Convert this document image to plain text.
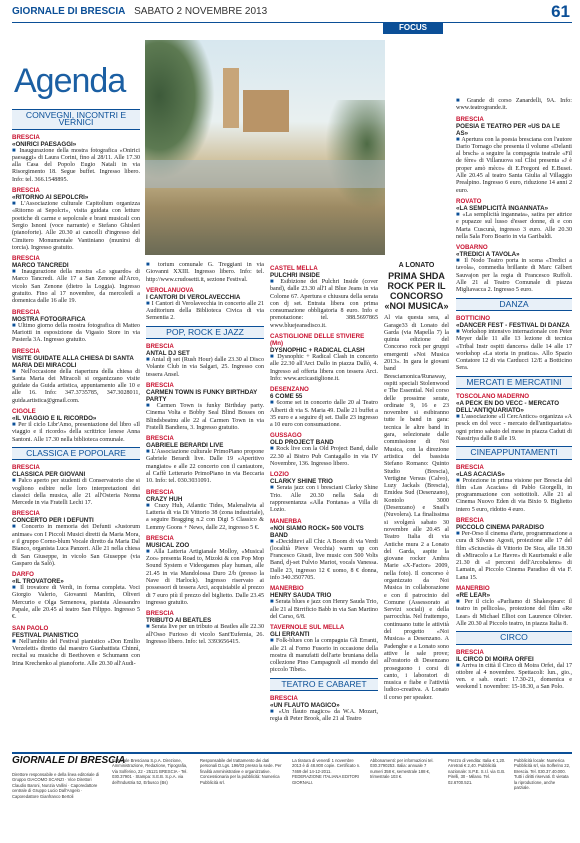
GIORNALE DI BRESCIA SABATO 2 NOVEMBRE 2013	61
FOCUS
Agenda
CONVEGNI, INCONTRI E VERNICI
BRESCIA
«ONIRICI PAESAGGI»
■ Inaugurazione della mostra fotografica «Onirici paesaggi» di Laura Corini, fino al 28/11. Alle 17.30 alla Casa del Popolo Eugio Natali in via Risorgimento 18. Segue buffet. Ingresso libero. Info: tel. 366.1548895.
BRESCIA
«RITORNO AI SEPOLCRI»
■ L'Associazione culturale Capitolium organizza «Ritorno ai Sepolcri», visita guidata con letture poetiche di carme e sepolcrale e brani musicali con Sergio Isnoni (voce narrante) e Stefano Ghisleri (pianoforte). Alle 20.30 ai cancelli d'ingresso del Cimitero Monumentale Vantiniano (munirsi di torcia). Ingresso gratuito.
BRESCIA
MARCO TANCREDI
■ Inaugurazione della mostra «Lo sguardo» di Marco Tancredi. Alle 17 a San Zenone all'Arco, vicolo San Zenone (dietro la Loggia). Ingresso gratuito. Fino al 17 novembre, da mercoledì a domenica dalle 16 alle 19.
BRESCIA
MOSTRA FOTOGRAFICA
■ Ultimo giorno della mostra fotografica di Matteo Mariotti in esposizione da Vigasio Store in via Pusterla 3A. Ingresso gratuito.
BRESCIA
VISITE GUIDATE ALLA CHIESA DI SANTA MARIA DEI MIRACOLI
■ Nell'occasione della riapertura della chiesa di Santa Maria dei Miracoli si organizzano visite guidate da Guida artistica, appuntamento alle 10 e alle 16. Info: 347.3735785, 347.3028011, guida.artistica@gmail.com.
CIGOLE
«IL VIAGGIO E IL RICORDO»
■ Per il ciclo Libr'Amo, presentazione del libro «Il viaggio e il ricordo» della scrittrice lenese Anna Santoni. Alle 17.30 nella biblioteca comunale.
CLASSICA E POPOLARE
BRESCIA
CLASSICA PER GIOVANI
■ Palco aperto per studenti di Conservatorio che si vogliono esibire nelle loro interpretazioni dei classici della musica, alle 21 all'Osteria Nonna Mercede in via Fratelli Lechi 17.
BRESCIA
CONCERTO PER I DEFUNTI
■ Concerto in memoria dei Defunti «Justorum animae» con I Piccoli Musici diretti da Maria Mora, e il gruppo Corno-blum Vocale diretto da Maria Dal Bianco, organista Luca Panzeri. Alle 21 nella chiesa di San Giuseppe, in vicolo San Giuseppe (via Gasparo da Salò).
DARFO
«IL TROVATORE»
■ Il trovatore di Verdi, in forma completa. Voci Giorgio Valerio, Giovanni Manfrin, Oliveri Mercurio e Olga Semenova, pianista Alessandro Papale, alle 20.45 al teatro San Filippo. Ingresso 5 €.
SAN PAOLO
FESTIVAL PIANISTICO
■ Nell'ambito del Festival pianistico «Don Emilio Verzeletti» diretto dal maestro Gianbattista Chinnì, recital su musiche di Beethoven e Schumann con Irina Krechenko al pianoforte. Alle 20.30 all'Audi-
■ torium comunale G. Treggiani in via Giovanni XXIII. Ingresso libero. Info: tel. http://www.crudosetti.it, sezione Festival.
VEROLANUOVA
I CANTORI DI VEROLAVECCHIA
■ I Cantori di Verolavecchia in concerto alle 21 Auditorium della Biblioteca Civica di via Sementia 2.
POP, ROCK E JAZZ
BRESCIA
ANTAL DJ SET
■ Antal dj set (Rush Hour) dalle 23.30 al Disco Volante Club in via Salgari, 25. Ingresso con tessera Ansel.
BRESCIA
CARMEN TOWN IS FUNKY BIRTHDAY PARTY
■ Carmen Town is funky Birthday party. Cinema Volta e Bobby Seal Blind Bosses on Blindsbeatnu alle 22 al Carmen Town in via Fratelli Bandiera, 3. Ingresso gratuito.
BRESCIA
GABRIELE BERARDI LIVE
■ L'Associazione culturale PrimoPiano propone Gabriele Berardi live. Dalle 19 «Aperitivo mangiato» e alle 22 concerto con il cantautore, al Caffè Letterario PrimoPiano in via Beccaria 10. Info: tel. 030.3031091.
BRESCIA
CRAZY HUH
■ Crazy Huh, Atlantic Tides, Malenalivia al Latteria di via Di Vittorio 38 (zona industriale), a seguire Bragging n.2 con Digi 5 Classico & Lemmy Goons + News, dalle 22, ingresso 5 €.
BRESCIA
MUSICAL ZOO
■ Alla Latteria Artigianale Molloy, «Musical Zoo» presenta Road to, Mizoki & con Pop Mop Sound System e Videogames play human, alle 21.45 in via Mandolossa Duro 2/b (presso la Nave di Harlock). Ingresso riservato ai possessori di tessera Arci, acquistabile al prezzo di 7 euro più il prezzo del biglietto. Dalle 23.45 ingresso gratuito.
BRESCIA
TRIBUTO AI BEATLES
■ Serata live per un tributo ai Beatles alle 22.30 all'Osso Furioso di vicolo Sant'Eufemia, 26. Ingresso libero. Info: tel. 3393656415.
CASTEL MELLA
PULCHRI INSIDE
■ Esibizione dei Pulchri Inside (cover band), dalle 23.30 all'I al Blue Jeans in via Colome 67. Apertura e chiusura della serata con dj set. Entrata libera con prima consumazione obbligatoria 8 euro. Info e prenotazione: tel. 388.5697865 www.bluejeansdisco.it.
CASTIGLIONE DELLE STIVIERE (Mn)
DYSNOPHIC + RADICAL CLASH
■ Dysnophic + Radical Clash in concerto alle 22.30 all'Arci Dallo in piazza Dallò, 4. Ingresso ad offerta libera con tessera Arci. Info: www.arcicastiglione.it.
DESENZANO
6 COME 55
■ 6come sei in concerto dalle 20 al Teatro Alberti di via S. Maria 49. Dalle 21 buffet a 35 euro e a seguire dj set. Dalle 23 ingresso a 10 euro con consumazione.
GUSSAGO
OLD PROJECT BAND
■ Rock live con la Old Project Band, dalle 22.30 al Bistro Pub Cantagallo in via IV Novembre, 136. Ingresso libero.
LOZIO
CLARKY SHINE TRIO
■ Serata jazz con i bresciani Clarky Shine Trio. Alle 20.30 nella Sala di rappresentanza «Alla Fontana» a Villa di Lozio.
MANERBA
«NOI SIAMO ROCK» 500 VOLTS BAND
■ «Deciditevi all Chic A Boom di via Verdi (località Pieve Vecchia) warm up con Francesco Giusti, live music con 500 Volts Band, dj-set Fulvio Mariot, vocals Vanessa. Dalle 23, ingresso 12 € uomo, 8 € donna, info 340.3507705.
MANERBIO
HENRY SAUDA TRIO
■ Serata blues e jazz con Henry Sauda Trio, alle 21 al Birrificio Babb in via San Martino del Carso, 6/8.
TAVERNOLE SUL MELLA
GLI ERRANTI
■ Folk-blues con la compagnia Gli Erranti, alle 21 al Forno Fusorio in occasione della mostra di manufatti dell'arte bruniana della collezione Pino Campagnoli «il mondo del piccolo Tibet».
TEATRO E CABARET
BRESCIA
«UN FLAUTO MAGICO»
■ «Un flauto magico» da W.A. Mozart, regia di Peter Brook, alle 21 al Teatro
A LONATO
PRIMA SHDA ROCK PER IL CONCORSO «NOI MUSICA»
Al via questa sera, al Garage33 di Lonato del Garda (via Mapella 7) la quinta edizione del Concorso rock per gruppi emergenti «Noi Musica 2013». In gara le giovani band Bresciamonica/Runaway, ospiti speciali Stolenwood e The Essential. Nel corso delle prossime serate, ordinate 9, 16 e 23 novembre si esibiranno tutte le band in gara: tecnica le altre band in gara, selezionate dalle commissione di Noi Musica, con la direzione artistica del bassista Stefano Romano: Quinto Studio (Brescia), Vertigine Versus (Calvo), Luzy Jackals (Brescia), Emidea Sud (Desenzano), Kontolo 3000 (Desenzano) e Snail's (Nuvolera). La finalissima si svolgerà sabato 30 novembre alle 20.45 al Teatro Italia di via Antiche mura 2 a Lonato del Garda, aspite la giovane rocker Ambra Marie «X-Factor» 2009, nella foto). Il concorso è organizzato da Noi Musica in collaborazione e con il patrocinio del Comune (Assessorato ai Servizi sociali) e della parrocchia. Nel frattempo, continuano tutte le attività del progetto «Noi Musica» a Desenzano. A Padenghe e a Lonato sono attive le sale prove; all'oratorio di Desenzano proseguono i corsi di canto, i laboratori di musica e fiabe e l'attività ludico-creativa. A Lonato il corso per speaker.
■ Grande di corso Zanardelli, 9A. Info: www.teatrogrande.it.
BRESCIA
POESIA E TEATRO PER «US DA LE AS»
■ Apertura con la poesia bresciana con l'autore Dario Tornago che presenta il volume «Delanti al brsch» a seguire la compagnia teatrale «Fil de fère» di Villanuova sul Clisi presenta «J è proper amò mèco» di E.Fregoni ed E.Busei. Alle 20.45 al teatro Santa Giulia al Villaggio Prealpino. Ingresso 6 euro, riduzione 14 anni 2 euro.
ROVATO
«LA SEMPLICITÀ INGANNATA»
■ «La semplicità ingannata», satira per attrice e pupazze sul lusso d'esser donne, di e con Marta Cuscunà, ingresso 3 euro. Alle 20.30 nella Sala Foro Boario in via Garibaldi.
VOBARNO
«TREDICI A TAVOLA»
■ Il Nodo Teatro porta in scena «Tredici a tavola», commedia brillante di Marc Gilbert Sauvajon per la regia di Francesco Ruffoli. Alle 21 al Teatro Comunale di piazza Migliavacca 2. Ingresso 5 euro.
DANZA
BOTTICINO
«DANCER FEST - FESTIVAL DI DANZA
■ Workshop intensivo internazionale con Peter Meyer dalle 11 alle 13 lezione di tecnica «Tribal Instr ospiti dancers» dalle 14 alle 17 workshop «La storia in pratica». Allo Spazio Contatore 12 di via Carducci 12/E a Botticino Sera.
MERCATI E MERCATINI
TOSCOLANO MADERNO
«A PECK EN DO VECC - MERCATO DELL'ANTIQUARIATO»
■ L'associazione «Il CercAntico» organizza «A pesck en dol vecc - mercato dell'antiquariato» ogni primo sabato del mese in piazza Caduti di Nassiriya dalle 8 alle 19.
CINEAPPUNTAMENTI
BRESCIA
«LAS ACACIAS»
■ Proiezione in prima visione per Brescia del film «Las Acacias» di Pablo Giorgelli, in programmazione con sottotitoli. Alle 21 al Cinema Nuovo Eden di via Bixio 9. Biglietto intero 5 euro, ridotto 4 euro.
BRESCIA
PICCOLO CINEMA PARADISO
■ Per-Orso il cinema d'arte, programmazione a cura di Silvano Agosti, proiezione alle 17 del film «Sciuscià» di Vittorio De Sica, alle 18.30 di «Miracolo a Le Havre» di Kaurismaki e alle 21.30 di «I percorsi dell'Arcobaleno» di Lamain, al Piccolo Cinema Paradiso di via F. Lana 15.
MANERBIO
«RE LEAR»
■ Per il ciclo «Parliamo di Shakespeare: il teatro in pellicola», proiezione del film «Re Lear» di Michael Elliot con Laurence Olivier. Alle 20.30 al Piccolo teatro, in piazza Italia 8.
CIRCO
BRESCIA
IL CIRCO DI MOIRA ORFEI
■ Arriva in città il Circo di Moira Orfei, dal 17 ottobre al 4 novembre. Spettacoli: lun., gio., ven. e sab. orari: 17.30-21, domenica e weekend 1 novembre: 15-18.30, a San Polo.
GIORNALE DI BRESCIA
Direttore responsabile e della linea editoriale di Gruppo GIACOMO SCANZI · Vice Direttori Claudio Baroni, Nunzia Vallini · Caporedattore centrale di Gruppo Lucio Dall'Angelo · Caporedattore Gianfranco Bertoli
Editoriale Bresciana S.p.A. Direzione, Amministrazione, Redazione, Tipografia, Via Solferino, 22 - 25121 BRESCIA - Tel. 030.37901 · Stampa: S.E.B. S.p.A. via dell'Industria 52, Erbusco (Bs)
Responsabile del trattamento dei dati personali D.Lgs. 196/03 presso la sede. Per finalità amministrative e organizzative. Concessionaria per la pubblicità: Numerica Pubblicità srl.
La tiratura di venerdì 1 novembre 2013 è di 48.800 copie. Certificato n. 7469 del 14-12-2011. FEDERAZIONE ITALIANA EDITORI GIORNALI.
Abbonamenti: per informazioni tel. 030.3790253. Italia: annuale 7 numeri 358 €, semestrale 188 €, trimestrale 103 €.
Prezzo di vendita: Italia € 1,20. Arretrati € 2,40. Pubblicità nazionale: S.P.E. S.r.l. via G.B. Pirelli, 30 - Milano. Tel. 02.6700.521.
Pubblicità locale: Numerica Pubblicità srl, via Solferino 22, Brescia. Tel. 030.37.40.000. Tutti i diritti riservati. È vietata la riproduzione, anche parziale.
